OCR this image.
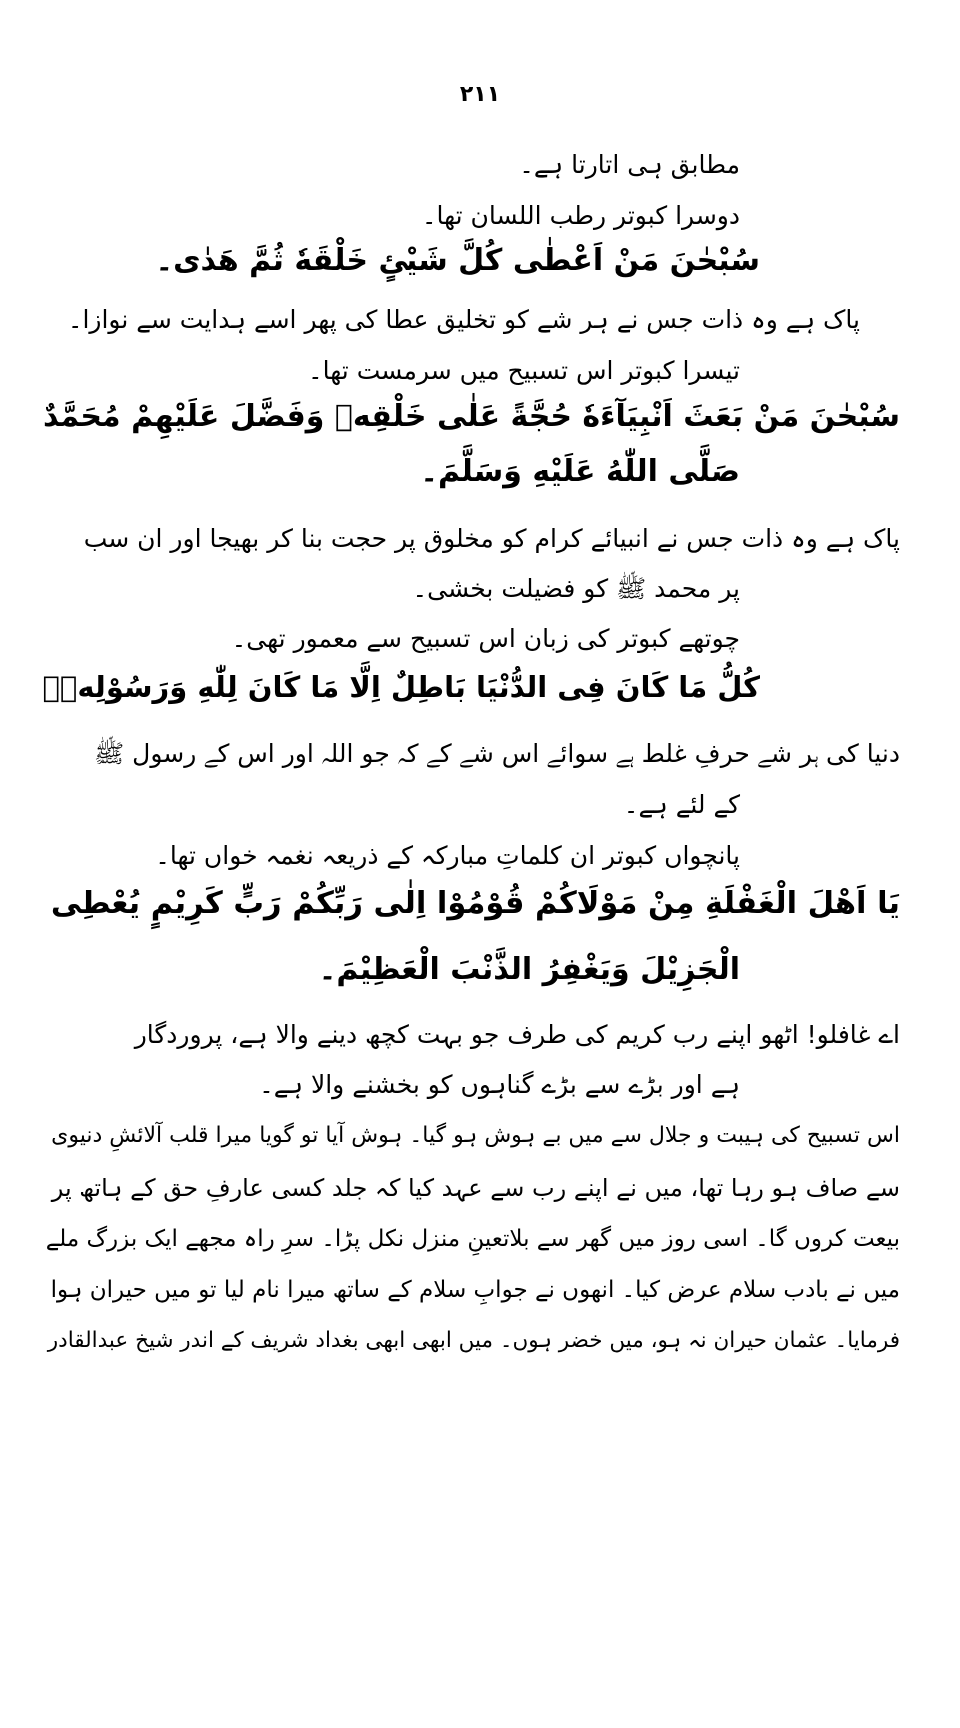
۲۱۱
مطابق ہی اتارتا ہے۔
دوسرا کبوتر رطب اللسان تھا۔
سُبْحٰنَ مَنْ اَعْطٰی کُلَّ شَیْئٍ خَلْقَهٗ ثُمَّ هَدٰی۔
پاک ہے وہ ذات جس نے ہر شے کو تخلیق عطا کی پھر اسے ہدایت سے نوازا۔
تیسرا کبوتر اس تسبیح میں سرمست تھا۔
سُبْحٰنَ مَنْ بَعَثَ اَنْبِیَآءَهٗ حُجَّةً عَلٰی خَلْقِهٖ وَفَضَّلَ عَلَیْهِمْ مُحَمَّدٌ
صَلَّی اللّٰهُ عَلَیْهِ وَسَلَّمَ۔
پاک ہے وہ ذات جس نے انبیائے کرام کو مخلوق پر حجت بنا کر بھیجا اور ان سب
پر محمد ﷺ کو فضیلت بخشی۔
چوتھے کبوتر کی زبان اس تسبیح سے معمور تھی۔
کُلُّ مَا کَانَ فِی الدُّنْیَا بَاطِلٌ اِلَّا مَا کَانَ لِلّٰهِ وَرَسُوْلِهٖ۔
دنیا کی ہر شے حرفِ غلط ہے سوائے اس شے کے کہ جو اللہ اور اس کے رسول ﷺ
کے لئے ہے۔
پانچواں کبوتر ان کلماتِ مبارکہ کے ذریعہ نغمہ خواں تھا۔
یَا اَهْلَ الْغَفْلَةِ مِنْ مَوْلَاکُمْ قُوْمُوْا اِلٰی رَبِّکُمْ رَبٍّ کَرِیْمٍ یُعْطِی
الْجَزِیْلَ وَیَغْفِرُ الذَّنْبَ الْعَظِیْمَ۔
اے غافلو! اٹھو اپنے رب کریم کی طرف جو بہت کچھ دینے والا ہے، پروردگار
ہے اور بڑے سے بڑے گناہوں کو بخشنے والا ہے۔
اس تسبیح کی ہیبت و جلال سے میں بے ہوش ہو گیا۔ ہوش آیا تو گویا میرا قلب آلائشِ دنیوی
سے صاف ہو رہا تھا، میں نے اپنے رب سے عہد کیا کہ جلد کسی عارفِ حق کے ہاتھ پر
بیعت کروں گا۔ اسی روز میں گھر سے بلاتعینِ منزل نکل پڑا۔ سرِ راہ مجھے ایک بزرگ ملے
میں نے بادب سلام عرض کیا۔ انھوں نے جوابِ سلام کے ساتھ میرا نام لیا تو میں حیران ہوا
فرمایا۔ عثمان حیران نہ ہو، میں خضر ہوں۔ میں ابھی ابھی بغداد شریف کے اندر شیخ عبدالقادر
